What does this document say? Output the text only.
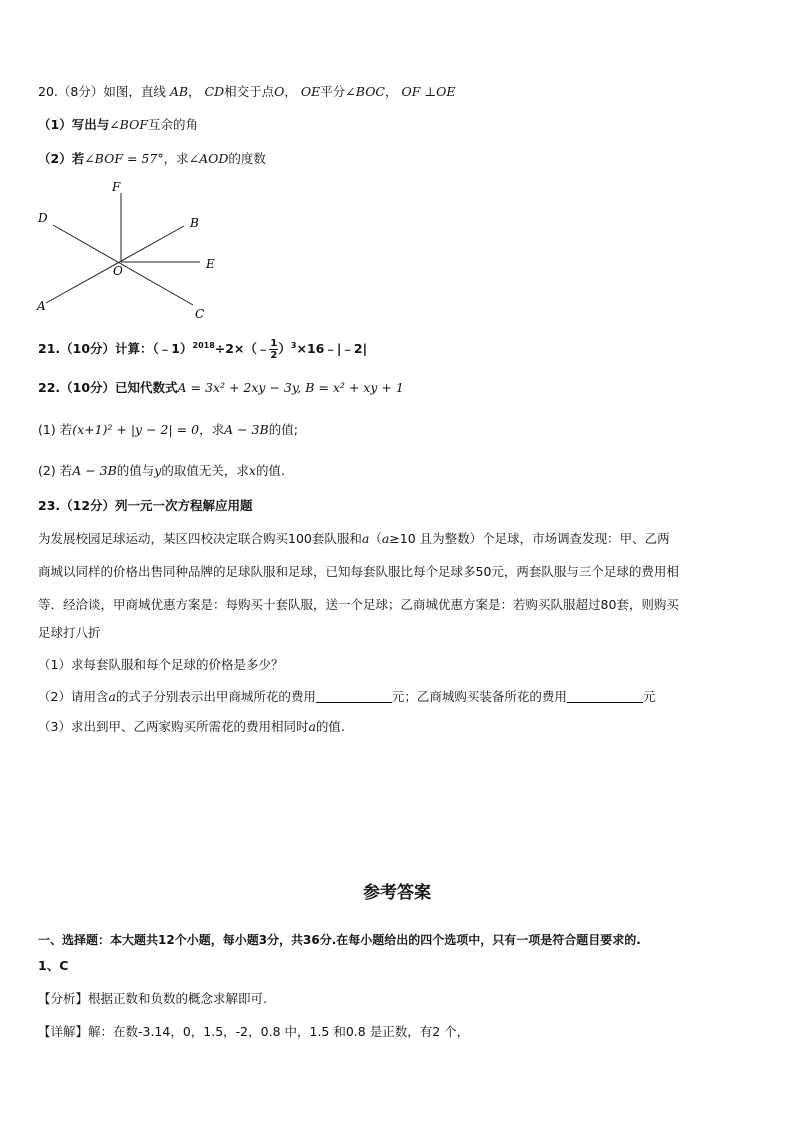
20.（8分）如图，直线 AB， CD相交于点O， OE平分∠BOC， OF ⊥OE
（1）写出与∠BOF互余的角
（2）若∠BOF = 57°，求∠AOD的度数
F
D	B
E
O
A
C
21.（10分）计算：（﹣1）$^{2018}$÷2×（﹣ $\frac{1}{2}$ ）$^3$×16﹣|﹣2|
22.（10分）已知代数式A = 3x² + 2xy − 3y, B = x² + xy + 1
(1) 若(x+1)² + |y − 2| = 0，求A − 3B的值;
(2) 若A − 3B的值与y的取值无关，求x的值.
23.（12分）列一元一次方程解应用题
为发展校园足球运动，某区四校决定联合购买100套队服和a（a≥10 且为整数）个足球，市场调查发现：甲、乙两
商城以同样的价格出售同种品牌的足球队服和足球，已知每套队服比每个足球多50元，两套队服与三个足球的费用相
等．经洽谈，甲商城优惠方案是：每购买十套队服，送一个足球；乙商城优惠方案是：若购买队服超过80套，则购买
足球打八折
（1）求每套队服和每个足球的价格是多少？
（2）请用含a的式子分别表示出甲商城所花的费用	元；乙商城购买装备所花的费用	元
（3）求出到甲、乙两家购买所需花的费用相同时a的值.
参考答案
一、选择题：本大题共12个小题，每小题3分，共36分.在每小题给出的四个选项中，只有一项是符合题目要求的.
1、C
【分析】根据正数和负数的概念求解即可.
【详解】解：在数-3.14，0，1.5，-2，0.8 中，1.5 和0.8 是正数，有2 个，
